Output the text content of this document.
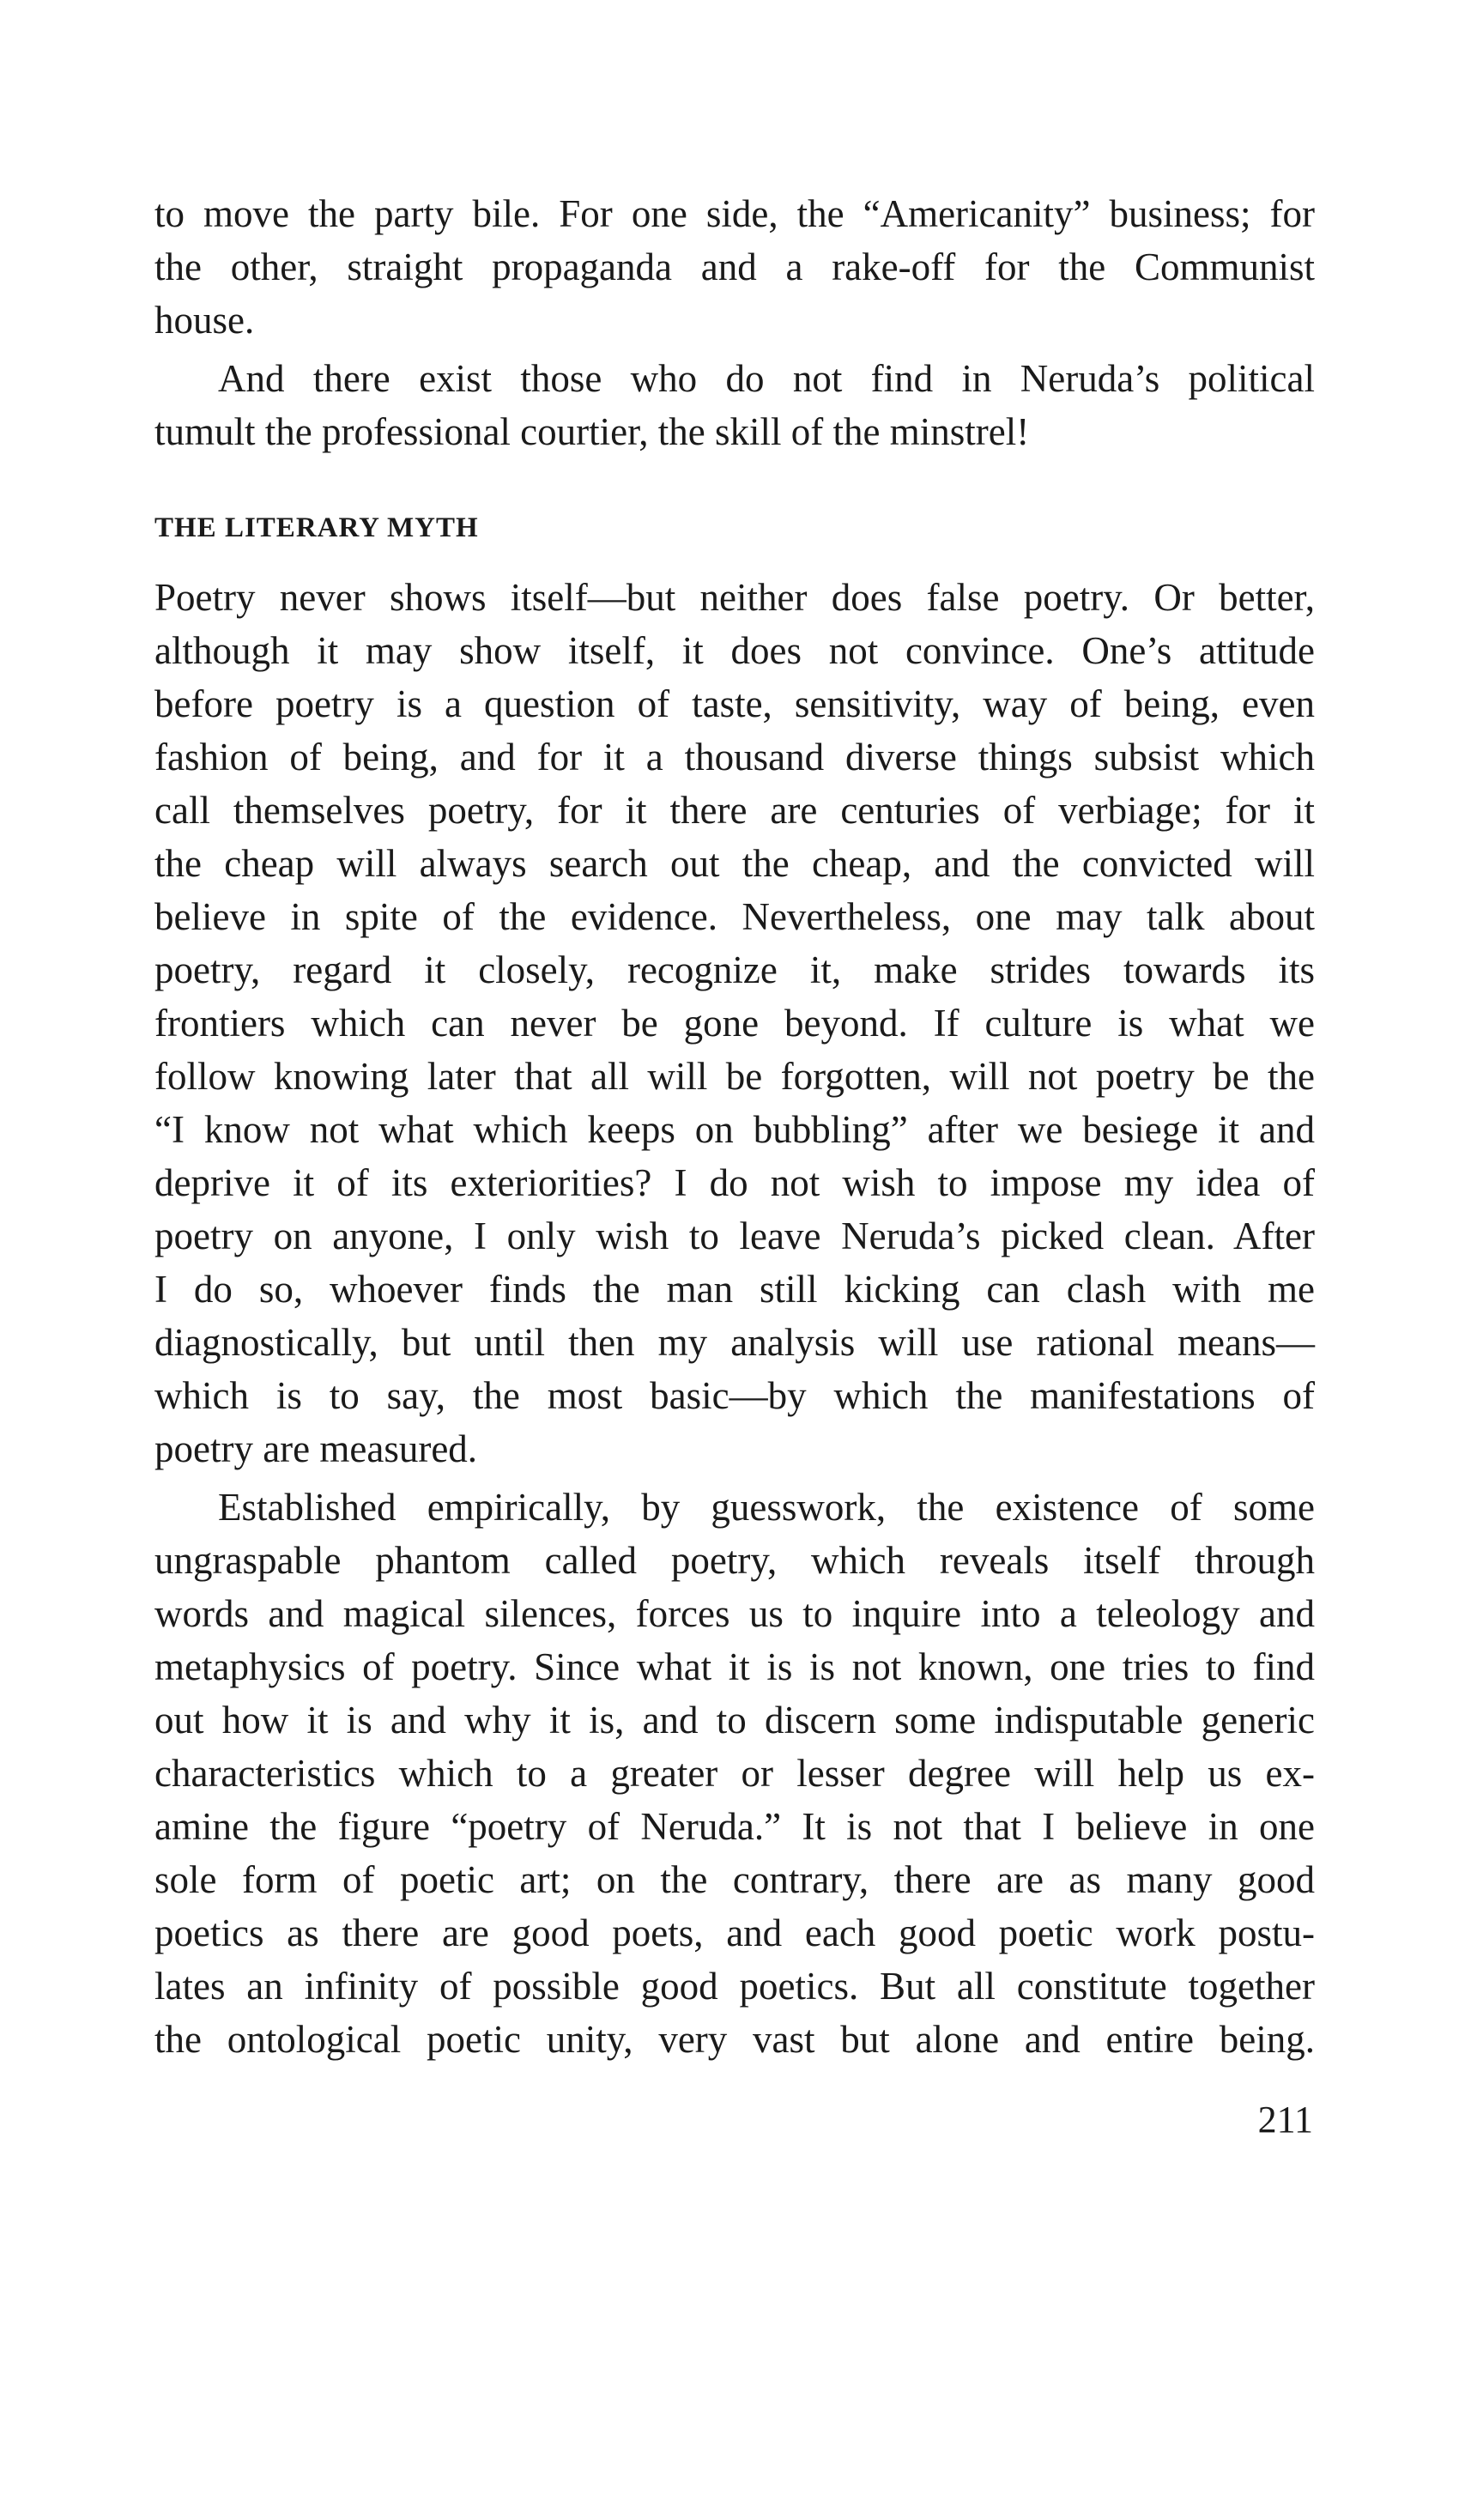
to move the party bile. For one side, the “Americanity” business; for

the other, straight propaganda and a rake-off for the Communist

house.

And there exist those who do not find in Neruda’s political

tumult the professional courtier, the skill of the minstrel!

THE LITERARY MYTH

Poetry never shows itself—but neither does false poetry. Or better,

although it may show itself, it does not convince. One’s attitude

before poetry is a question of taste, sensitivity, way of being, even

fashion of being, and for it a thousand diverse things subsist which

call themselves poetry, for it there are centuries of verbiage; for it

the cheap will always search out the cheap, and the convicted will

believe in spite of the evidence. Nevertheless, one may talk about

poetry, regard it closely, recognize it, make strides towards its

frontiers which can never be gone beyond. If culture is what we

follow knowing later that all will be forgotten, will not poetry be the

“I know not what which keeps on bubbling” after we besiege it and

deprive it of its exteriorities? I do not wish to impose my idea of

poetry on anyone, I only wish to leave Neruda’s picked clean. After

I do so, whoever finds the man still kicking can clash with me

diagnostically, but until then my analysis will use rational means—

which is to say, the most basic—by which the manifestations of

poetry are measured.

Established empirically, by guesswork, the existence of some

ungraspable phantom called poetry, which reveals itself through

words and magical silences, forces us to inquire into a teleology and

metaphysics of poetry. Since what it is is not known, one tries to find

out how it is and why it is, and to discern some indisputable generic

characteristics which to a greater or lesser degree will help us ex-

amine the figure “poetry of Neruda.” It is not that I believe in one

sole form of poetic art; on the contrary, there are as many good

poetics as there are good poets, and each good poetic work postu-

lates an infinity of possible good poetics. But all constitute together

the ontological poetic unity, very vast but alone and entire being.

211
